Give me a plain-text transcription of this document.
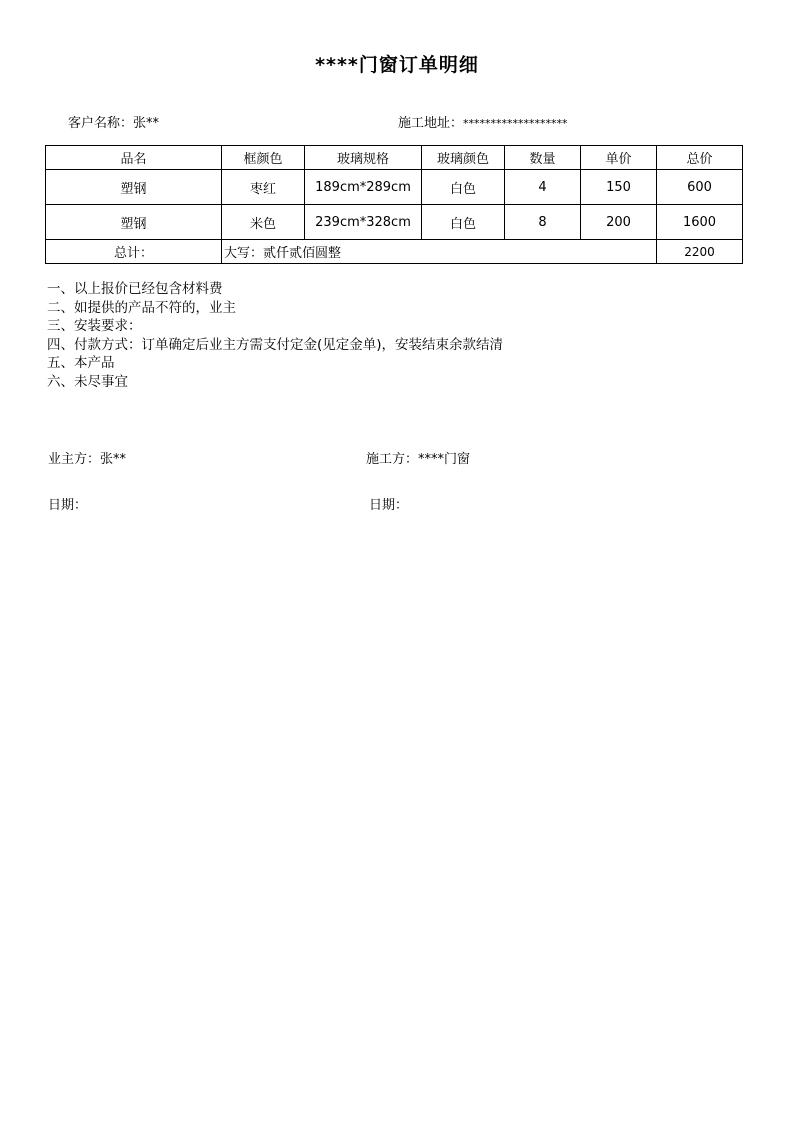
****门窗订单明细
客户名称：张**	施工地址：*******************
品名	框颜色	玻璃规格	玻璃颜色	数量	单价	总价
塑钢	枣红	189cm*289cm	白色	4	150	600
塑钢	米色	239cm*328cm	白色	8	200	1600
总计：	大写：贰仟贰佰圆整					2200
一、以上报价已经包含材料费
二、如提供的产品不符的，业主
三、安装要求：
四、付款方式：订单确定后业主方需支付定金(见定金单)，安装结束余款结清
五、本产品
六、未尽事宜
业主方：张**	施工方：****门窗
日期：	日期：
